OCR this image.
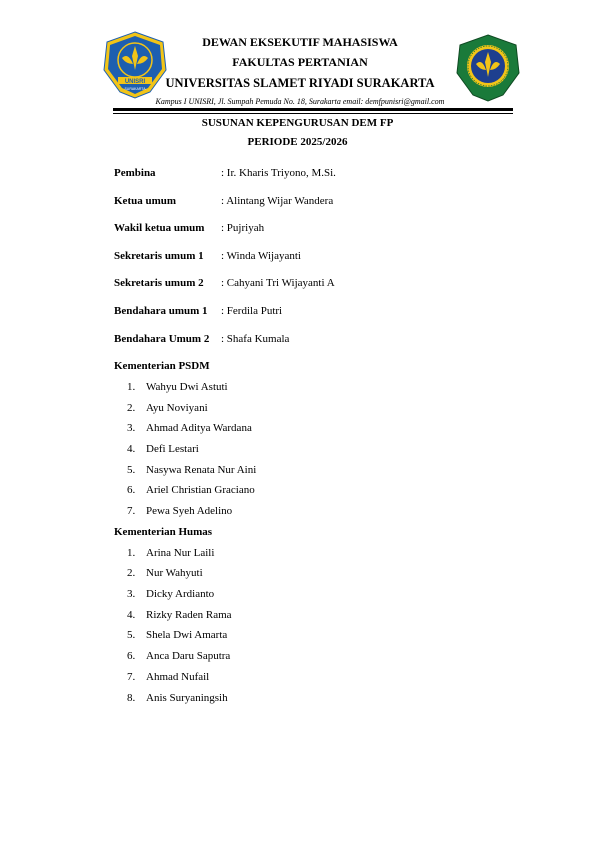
UNISRI
SURAKARTA
DEWAN EKSEKUTIF MAHASISWA
FAKULTAS PERTANIAN
UNIVERSITAS SLAMET RIYADI SURAKARTA
Kampus I UNISRI, Jl. Sumpah Pemuda No. 18, Surakarta email: demfpunisri@gmail.com
SUSUNAN KEPENGURUSAN DEM FP
PERIODE 2025/2026
Pembina	: Ir. Kharis Triyono, M.Si.
Ketua umum	: Alintang Wijar Wandera
Wakil ketua umum : Pujriyah
Sekretaris umum 1 : Winda Wijayanti
Sekretaris umum 2 : Cahyani Tri Wijayanti A
Bendahara umum 1 : Ferdila Putri
Bendahara Umum 2 : Shafa Kumala
Kementerian PSDM
1. Wahyu Dwi Astuti
2. Ayu Noviyani
3. Ahmad Aditya Wardana
4. Defi Lestari
5. Nasywa Renata Nur Aini
6. Ariel Christian Graciano
7. Pewa Syeh Adelino
Kementerian Humas
1. Arina Nur Laili
2. Nur Wahyuti
3. Dicky Ardianto
4. Rizky Raden Rama
5. Shela Dwi Amarta
6. Anca Daru Saputra
7. Ahmad Nufail
8. Anis Suryaningsih
